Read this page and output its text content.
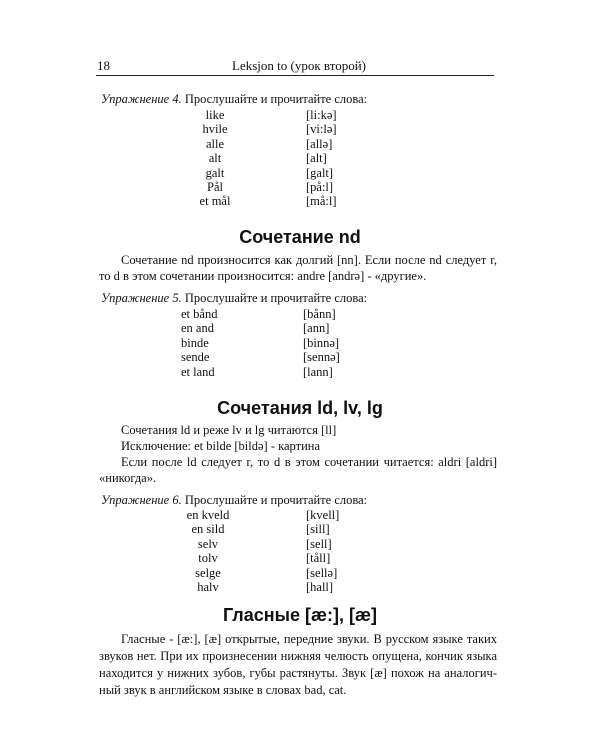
18	Leksjon to (урок второй)
Упражнение 4. Прослушайте и прочитайте слова:
like
hvile
alle
alt
galt
Pål
et mål
[li:kə]
[vi:lə]
[allə]
[alt]
[galt]
[på:l]
[må:l]
Сочетание nd
Сочетание nd произносится как долгий [nn]. Если после nd следует r,
то d в этом сочетании произносится: andre [andrə] - «другие».
Упражнение 5. Прослушайте и прочитайте слова:
et bånd
en and
binde
sende
et land
[bånn]
[ann]
[binnə]
[sennə]
[lann]
Сочетания ld, lv, lg
Сочетания ld и реже lv и lg читаются [ll]
Исключение: et bilde [bildə] - картина
Если после ld следует r, то d в этом сочетании читается: aldri [aldri]
«никогда».
Упражнение 6. Прослушайте и прочитайте слова:
en kveld
en sild
selv
tolv
selge
halv
[kvell]
[sill]
[sell]
[tåll]
[sellə]
[hall]
Гласные [æ:], [æ]
Гласные - [æ:], [æ] открытые, передние звуки. В русском языке таких
звуков нет. При их произнесении нижняя челюсть опущена, кончик языка
находится у нижних зубов, губы растянуты. Звук [æ] похож на аналогич-
ный звук в английском языке в словах bad, cat.
